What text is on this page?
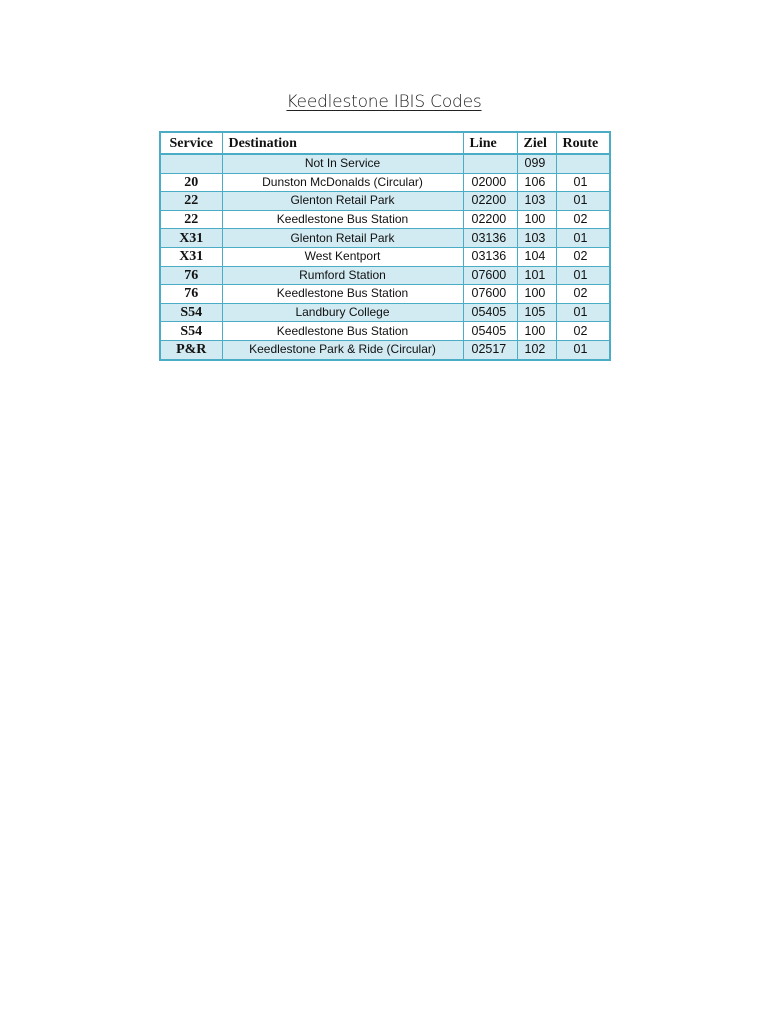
Keedlestone IBIS Codes
Service	Destination	Line	Ziel	Route
	Not In Service		099	
20	Dunston McDonalds (Circular)	02000	106	01
22	Glenton Retail Park	02200	103	01
22	Keedlestone Bus Station	02200	100	02
X31	Glenton Retail Park	03136	103	01
X31	West Kentport	03136	104	02
76	Rumford Station	07600	101	01
76	Keedlestone Bus Station	07600	100	02
S54	Landbury College	05405	105	01
S54	Keedlestone Bus Station	05405	100	02
P&R	Keedlestone Park & Ride (Circular)	02517	102	01
